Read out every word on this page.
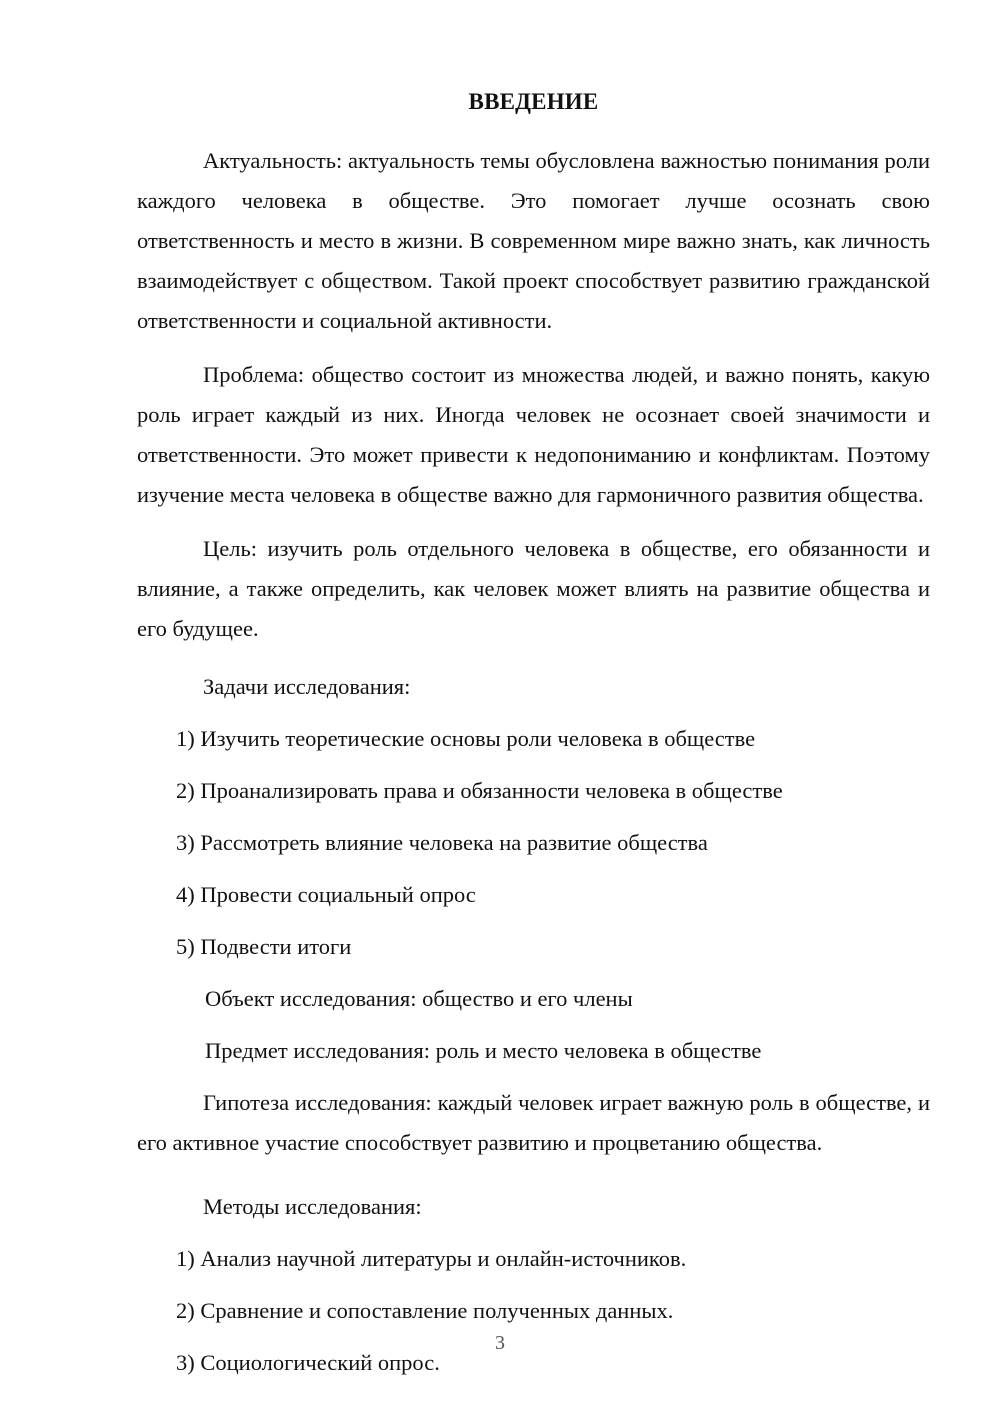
ВВЕДЕНИЕ

Актуальность: актуальность темы обусловлена важностью понимания роли каждого человека в обществе. Это помогает лучше осознать свою ответственность и место в жизни. В современном мире важно знать, как личность взаимодействует с обществом. Такой проект способствует развитию гражданской ответственности и социальной активности.

Проблема: общество состоит из множества людей, и важно понять, какую роль играет каждый из них. Иногда человек не осознает своей значимости и ответственности. Это может привести к недопониманию и конфликтам. Поэтому изучение места человека в обществе важно для гармоничного развития общества.

Цель: изучить роль отдельного человека в обществе, его обязанности и влияние, а также определить, как человек может влиять на развитие общества и его будущее.

Задачи исследования:
1) Изучить теоретические основы роли человека в обществе
2) Проанализировать права и обязанности человека в обществе
3) Рассмотреть влияние человека на развитие общества
4) Провести социальный опрос
5) Подвести итоги
Объект исследования: общество и его члены
Предмет исследования: роль и место человека в обществе

Гипотеза исследования: каждый человек играет важную роль в обществе, и его активное участие способствует развитию и процветанию общества.

Методы исследования:
1) Анализ научной литературы и онлайн-источников.
2) Сравнение и сопоставление полученных данных.
3) Социологический опрос.
3
